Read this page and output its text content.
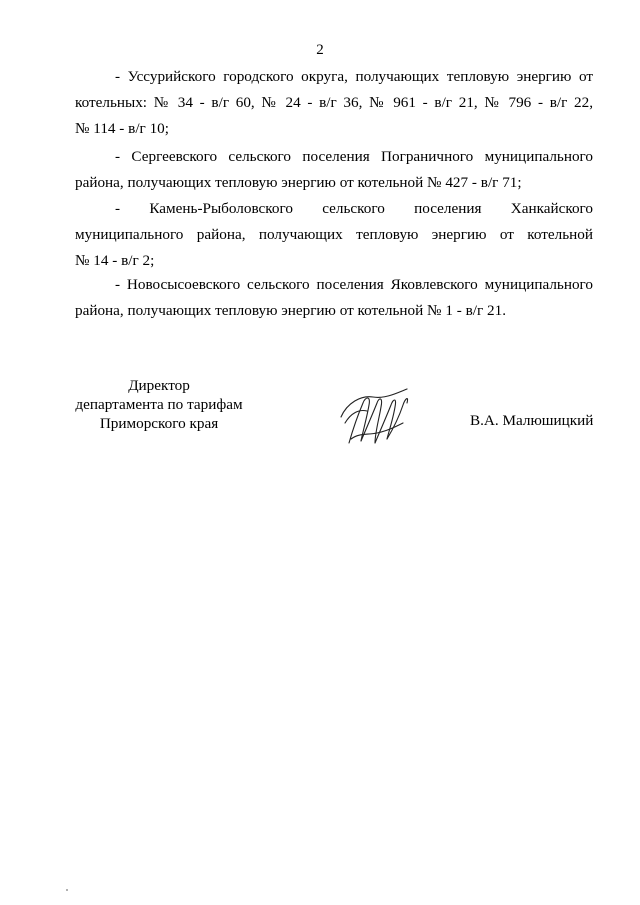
2
- Уссурийского городского округа, получающих тепловую энергию от
котельных: № 34 - в/г 60, № 24 - в/г 36, № 961 - в/г 21, № 796 - в/г 22,
№ 114 - в/г 10;
- Сергеевского сельского поселения Пограничного муниципального
района, получающих тепловую энергию от котельной № 427 - в/г 71;
- Камень-Рыболовского сельского поселения Ханкайского
муниципального района, получающих тепловую энергию от котельной
№ 14 - в/г 2;
- Новосысоевского сельского поселения Яковлевского муниципального
района, получающих тепловую энергию от котельной № 1 - в/г 21.
Директор
департамента по тарифам
Приморского края	В.А. Малюшицкий
